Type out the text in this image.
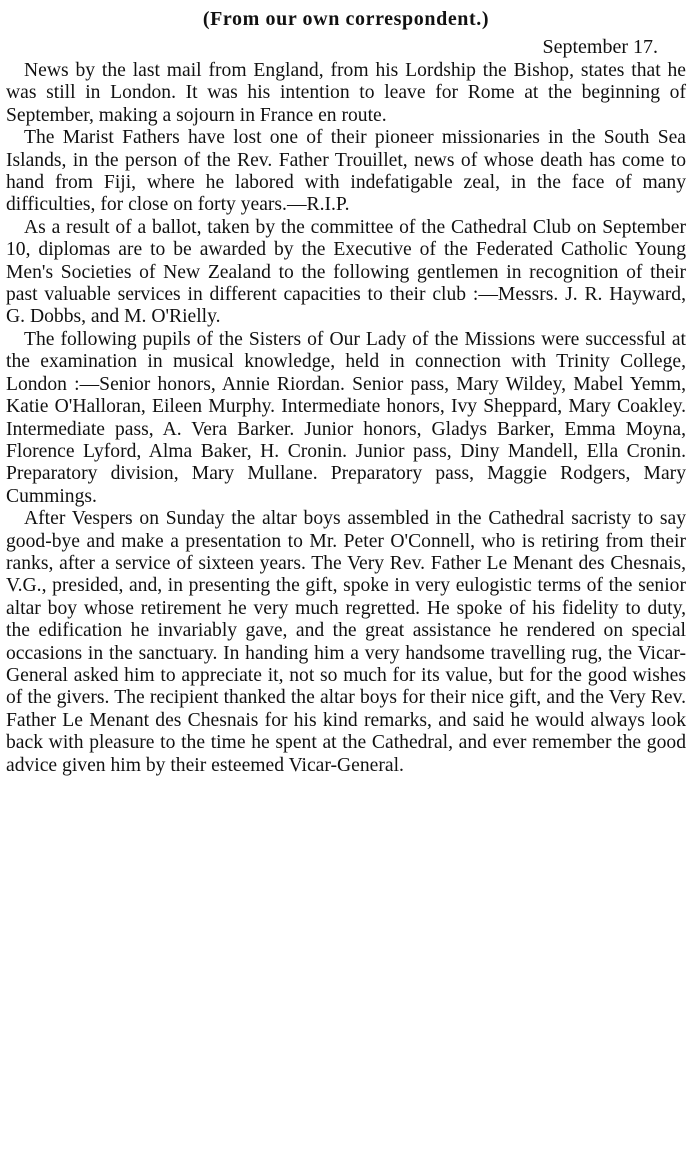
(From our own correspondent.)

September 17.

News by the last mail from England, from his Lordship the Bishop, states that he was still in London. It was his intention to leave for Rome at the beginning of September, making a sojourn in France en route.

The Marist Fathers have lost one of their pioneer missionaries in the South Sea Islands, in the person of the Rev. Father Trouillet, news of whose death has come to hand from Fiji, where he labored with indefatigable zeal, in the face of many difficulties, for close on forty years.—R.I.P.

As a result of a ballot, taken by the committee of the Cathedral Club on September 10, diplomas are to be awarded by the Executive of the Federated Catholic Young Men's Societies of New Zealand to the following gentlemen in recognition of their past valuable services in different capacities to their club :—Messrs. J. R. Hayward, G. Dobbs, and M. O'Rielly.

The following pupils of the Sisters of Our Lady of the Missions were successful at the examination in musical knowledge, held in connection with Trinity College, London :—Senior honors, Annie Riordan. Senior pass, Mary Wildey, Mabel Yemm, Katie O'Halloran, Eileen Murphy. Intermediate honors, Ivy Sheppard, Mary Coakley. Intermediate pass, A. Vera Barker. Junior honors, Gladys Barker, Emma Moyna, Florence Lyford, Alma Baker, H. Cronin. Junior pass, Diny Mandell, Ella Cronin. Preparatory division, Mary Mullane. Preparatory pass, Maggie Rodgers, Mary Cummings.

After Vespers on Sunday the altar boys assembled in the Cathedral sacristy to say good-bye and make a presentation to Mr. Peter O'Connell, who is retiring from their ranks, after a service of sixteen years. The Very Rev. Father Le Menant des Chesnais, V.G., presided, and, in presenting the gift, spoke in very eulogistic terms of the senior altar boy whose retirement he very much regretted. He spoke of his fidelity to duty, the edification he invariably gave, and the great assistance he rendered on special occasions in the sanctuary. In handing him a very handsome travelling rug, the Vicar-General asked him to appreciate it, not so much for its value, but for the good wishes of the givers. The recipient thanked the altar boys for their nice gift, and the Very Rev. Father Le Menant des Chesnais for his kind remarks, and said he would always look back with pleasure to the time he spent at the Cathedral, and ever remember the good advice given him by their esteemed Vicar-General.
